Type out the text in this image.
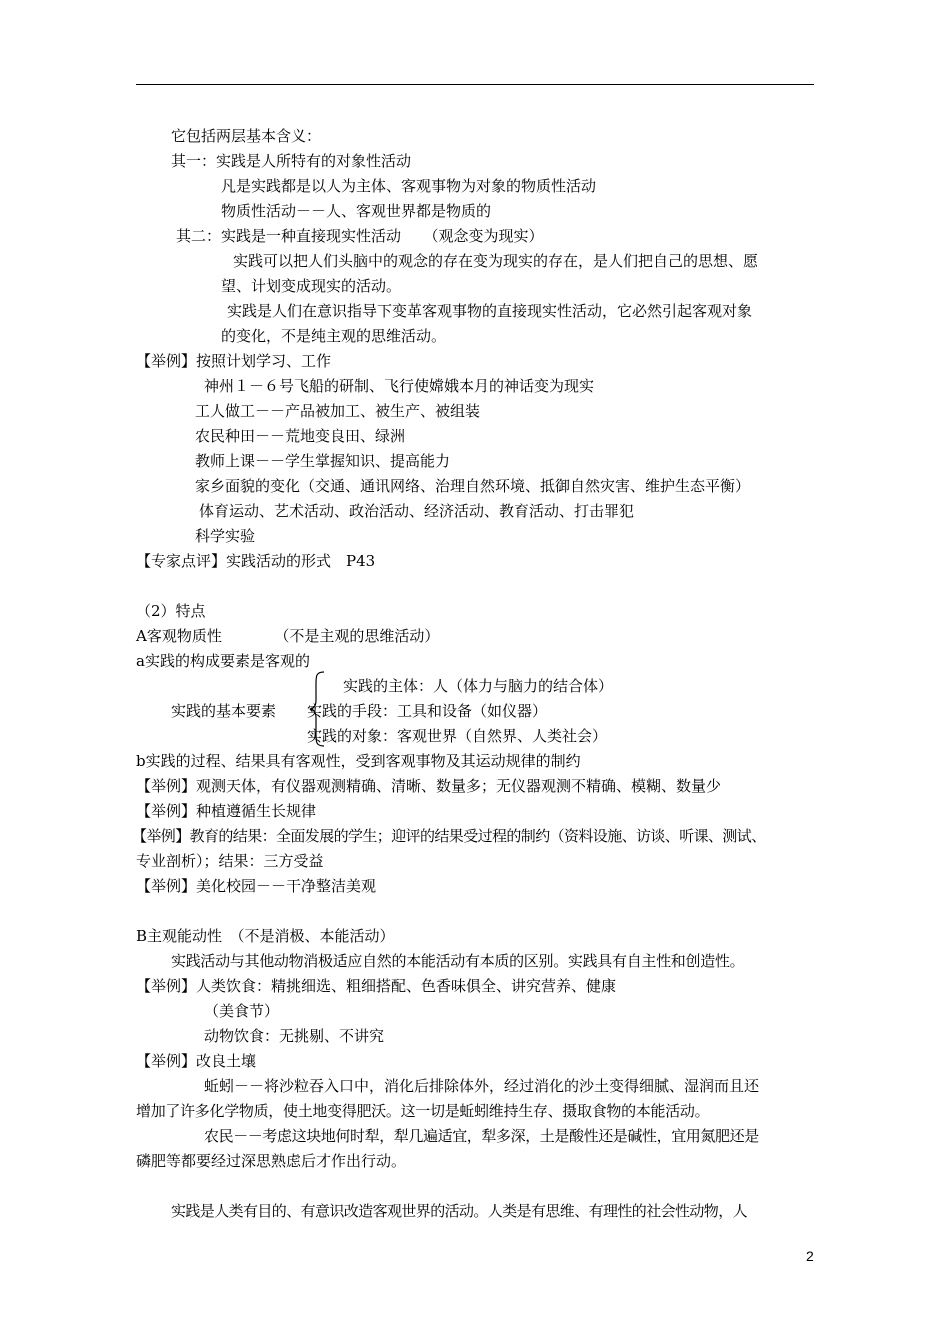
它包括两层基本含义：
其一：实践是人所特有的对象性活动
凡是实践都是以人为主体、客观事物为对象的物质性活动
物质性活动－－人、客观世界都是物质的
其二：实践是一种直接现实性活动　　（观念变为现实）
实践可以把人们头脑中的观念的存在变为现实的存在，是人们把自己的思想、愿
望、计划变成现实的活动。
实践是人们在意识指导下变革客观事物的直接现实性活动，它必然引起客观对象
的变化，不是纯主观的思维活动。
【举例】按照计划学习、工作
神州１－６号飞船的研制、飞行使嫦娥本月的神话变为现实
工人做工－－产品被加工、被生产、被组装
农民种田－－荒地变良田、绿洲
教师上课－－学生掌握知识、提高能力
家乡面貌的变化（交通、通讯网络、治理自然环境、抵御自然灾害、维护生态平衡）
体育运动、艺术活动、政治活动、经济活动、教育活动、打击罪犯
科学实验
【专家点评】实践活动的形式　P43
（2）特点
A客观物质性　　　　（不是主观的思维活动）
a实践的构成要素是客观的
实践的主体：人（体力与脑力的结合体）
实践的基本要素 实践的手段：工具和设备（如仪器）
实践的对象：客观世界（自然界、人类社会）
b实践的过程、结果具有客观性，受到客观事物及其运动规律的制约
【举例】观测天体，有仪器观测精确、清晰、数量多；无仪器观测不精确、模糊、数量少
【举例】种植遵循生长规律
【举例】教育的结果：全面发展的学生；迎评的结果受过程的制约（资料设施、访谈、听课、测试、
专业剖析）；结果：三方受益
【举例】美化校园－－干净整洁美观
B主观能动性　（不是消极、本能活动）
实践活动与其他动物消极适应自然的本能活动有本质的区别。实践具有自主性和创造性。
【举例】人类饮食：精挑细选、粗细搭配、色香味俱全、讲究营养、健康
（美食节）
动物饮食：无挑剔、不讲究
【举例】改良土壤
蚯蚓－－将沙粒吞入口中，消化后排除体外，经过消化的沙土变得细腻、湿润而且还
增加了许多化学物质，使土地变得肥沃。这一切是蚯蚓维持生存、摄取食物的本能活动。
农民－－考虑这块地何时犁，犁几遍适宜，犁多深，土是酸性还是碱性，宜用氮肥还是
磷肥等都要经过深思熟虑后才作出行动。
实践是人类有目的、有意识改造客观世界的活动。人类是有思维、有理性的社会性动物，人
2
